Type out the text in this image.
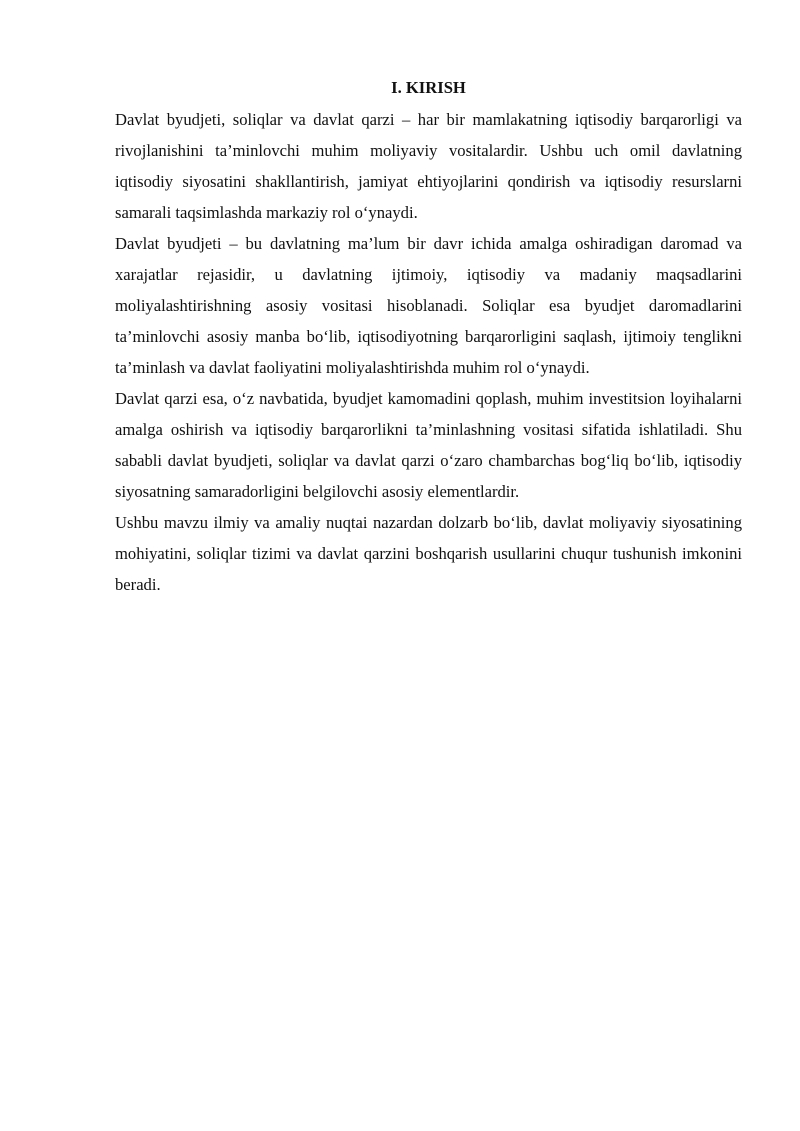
I. KIRISH

Davlat byudjeti, soliqlar va davlat qarzi – har bir mamlakatning iqtisodiy barqarorligi va rivojlanishini ta’minlovchi muhim moliyaviy vositalardir. Ushbu uch omil davlatning iqtisodiy siyosatini shakllantirish, jamiyat ehtiyojlarini qondirish va iqtisodiy resurslarni samarali taqsimlashda markaziy rol oʻynaydi.

Davlat byudjeti – bu davlatning ma’lum bir davr ichida amalga oshiradigan daromad va xarajatlar rejasidir, u davlatning ijtimoiy, iqtisodiy va madaniy maqsadlarini moliyalashtirishning asosiy vositasi hisoblanadi. Soliqlar esa byudjet daromadlarini ta’minlovchi asosiy manba boʻlib, iqtisodiyotning barqarorligini saqlash, ijtimoiy tenglikni ta’minlash va davlat faoliyatini moliyalashtirishda muhim rol oʻynaydi.

Davlat qarzi esa, oʻz navbatida, byudjet kamomadini qoplash, muhim investitsion loyihalarni amalga oshirish va iqtisodiy barqarorlikni ta’minlashning vositasi sifatida ishlatiladi. Shu sababli davlat byudjeti, soliqlar va davlat qarzi oʻzaro chambarchas bogʻliq boʻlib, iqtisodiy siyosatning samaradorligini belgilovchi asosiy elementlardir.

Ushbu mavzu ilmiy va amaliy nuqtai nazardan dolzarb boʻlib, davlat moliyaviy siyosatining mohiyatini, soliqlar tizimi va davlat qarzini boshqarish usullarini chuqur tushunish imkonini beradi.
